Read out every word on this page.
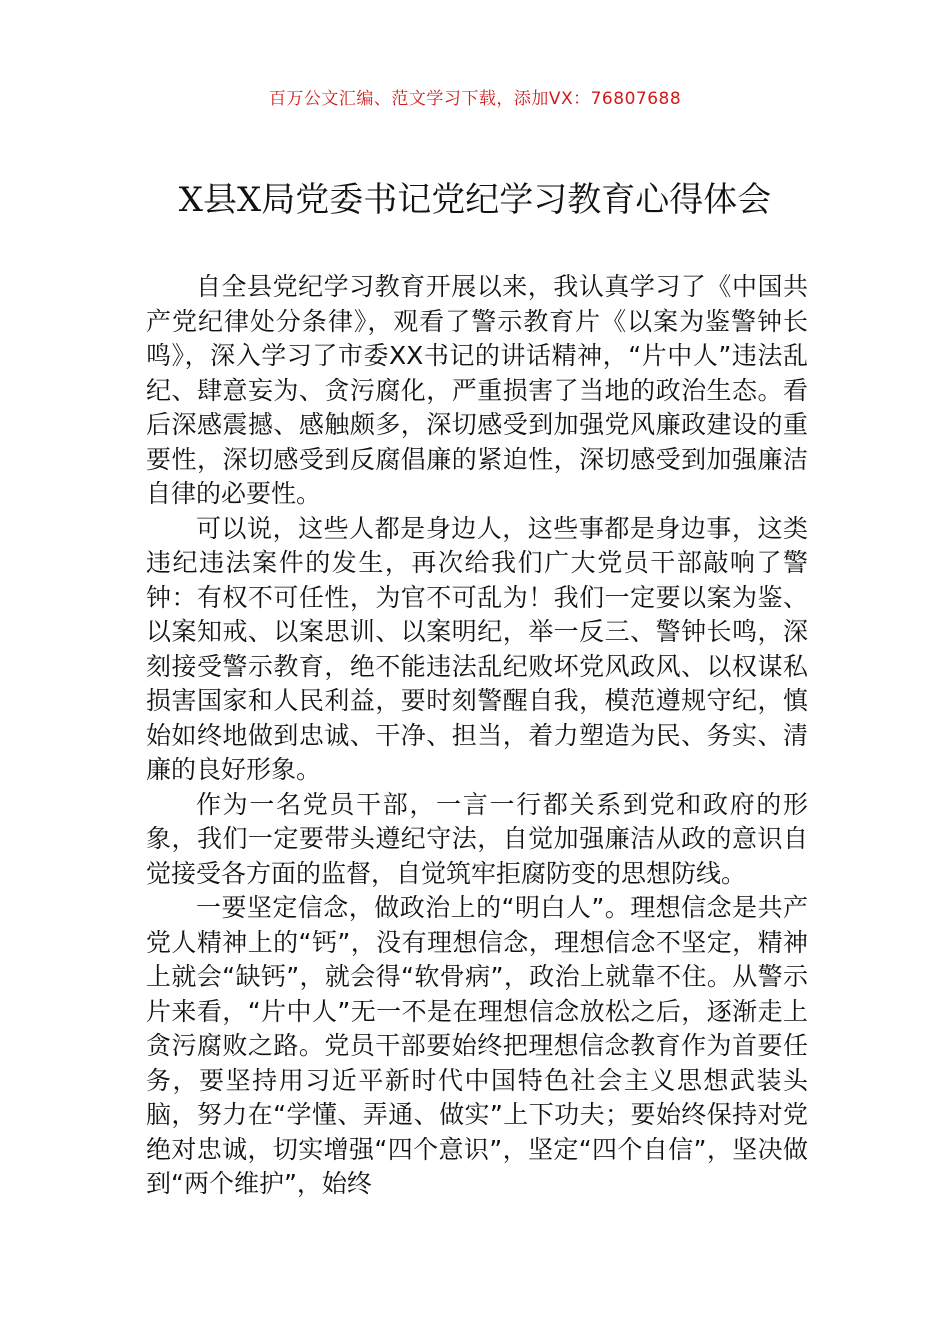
百万公文汇编、范文学习下载，添加VX：76807688
X县X局党委书记党纪学习教育心得体会

自全县党纪学习教育开展以来，我认真学习了《中国共产党纪律处分条律》，观看了警示教育片《以案为鉴警钟长鸣》，深入学习了市委XX书记的讲话精神，“片中人”违法乱纪、肆意妄为、贪污腐化，严重损害了当地的政治生态。看后深感震撼、感触颇多，深切感受到加强党风廉政建设的重要性，深切感受到反腐倡廉的紧迫性，深切感受到加强廉洁自律的必要性。

可以说，这些人都是身边人，这些事都是身边事，这类违纪违法案件的发生，再次给我们广大党员干部敲响了警钟：有权不可任性，为官不可乱为！我们一定要以案为鉴、以案知戒、以案思训、以案明纪，举一反三、警钟长鸣，深刻接受警示教育，绝不能违法乱纪败坏党风政风、以权谋私损害国家和人民利益，要时刻警醒自我，模范遵规守纪，慎始如终地做到忠诚、干净、担当，着力塑造为民、务实、清廉的良好形象。

作为一名党员干部，一言一行都关系到党和政府的形象，我们一定要带头遵纪守法，自觉加强廉洁从政的意识自觉接受各方面的监督，自觉筑牢拒腐防变的思想防线。

一要坚定信念，做政治上的“明白人”。理想信念是共产党人精神上的“钙”，没有理想信念，理想信念不坚定，精神上就会“缺钙”，就会得“软骨病”，政治上就靠不住。从警示片来看，“片中人”无一不是在理想信念放松之后，逐渐走上贪污腐败之路。党员干部要始终把理想信念教育作为首要任务，要坚持用习近平新时代中国特色社会主义思想武装头脑，努力在“学懂、弄通、做实”上下功夫；要始终保持对党绝对忠诚，切实增强“四个意识”，坚定“四个自信”，坚决做到“两个维护”，始终
